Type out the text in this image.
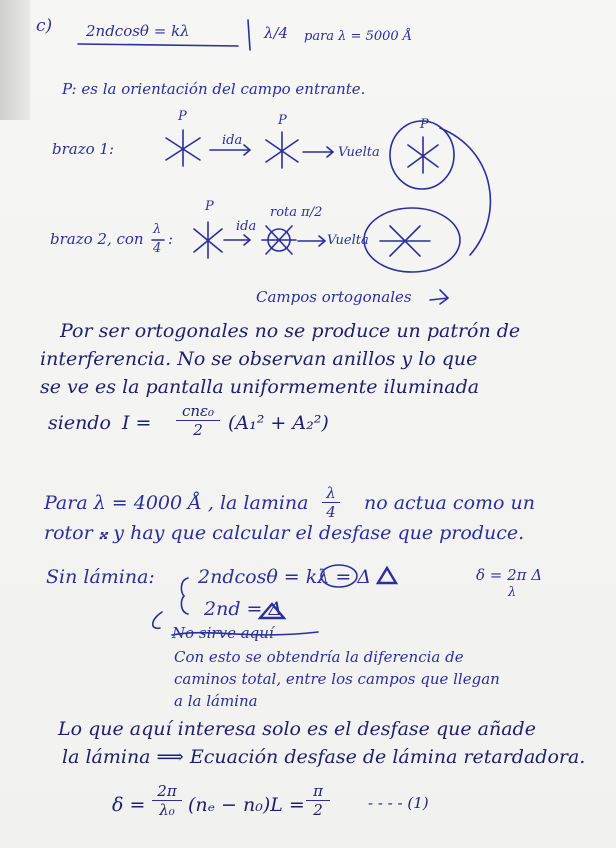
c) 2ndcosθ = kλ	λ/4 para λ = 5000 Å
P: es la orientación del campo entrante.
P	P	P
brazo 1:	ida
Vuelta
P
brazo 2, con
λ
4
:
ida
rota π/2
Vuelta
Campos ortogonales
Por ser ortogonales no se produce un patrón de
interferencia. No se observan anillos y lo que
se ve es la pantalla uniformemente iluminada
siendo I =
cnε₀
2	(A₁² + A₂²)
Para λ = 4000 Å , la lamina $\frac{\lambda}{4}$ no actua como un
rotor 𝄪 y hay que calcular el desfase que produce.
Sin lámina: 2ndcosθ = kλ = Δ
2nd = Δ
δ = 2π Δ
λ
No sirve aquí
Con esto se obtendría la diferencia de
caminos total, entre los campos que llegan
a la lámina
Lo que aquí interesa solo es el desfase que añade
la lámina ⟹ Ecuación desfase de lámina retardadora.
$\delta = \frac{2\pi}{\text{λ₀}} (n_e - n_0)L = \frac{\pi}{2}$	- - - - (1)
